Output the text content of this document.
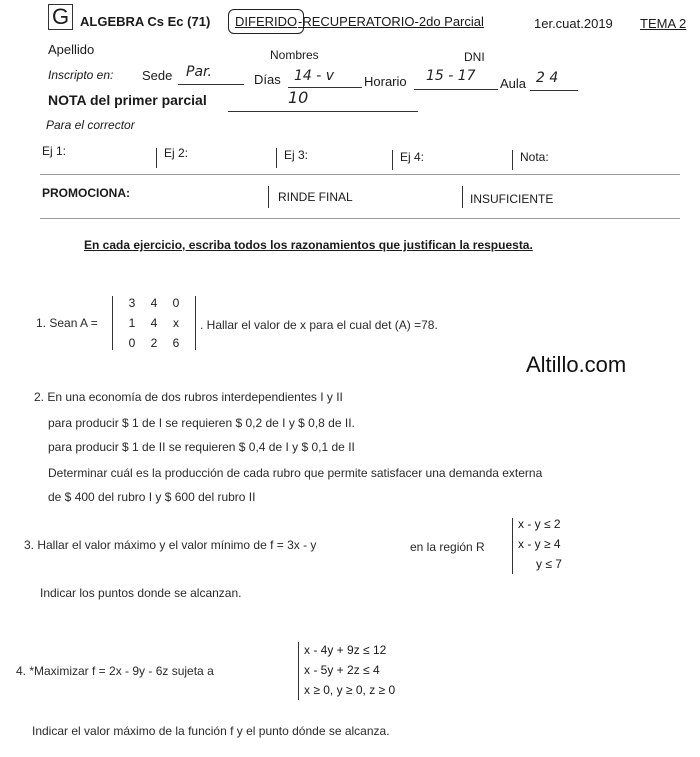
G ALGEBRA Cs Ec (71)	DIFERIDO -RECUPERATORIO-2do Parcial	1er.cuat.2019 TEMA 2
Apellido	Nombres	DNI
Inscripto en: Sede Par.	Días 14 - v Horario 15 - 17 Aula 2 4
NOTA del primer parcial	10
Para el corrector
Ej 1:	Ej 2:	Ej 3:	Ej 4:	Nota:
PROMOCIONA:	RINDE FINAL	INSUFICIENTE
En cada ejercicio, escriba todos los razonamientos que justifican la respuesta.
1. Sean A =
3	4	0
1	4	x
0	2	6
. Hallar el valor de x para el cual det (A) =78.
Altillo.com
2. En una economía de dos rubros interdependientes I y II
para producir $ 1 de I se requieren $ 0,2 de I y $ 0,8 de II.
para producir $ 1 de II se requieren $ 0,4 de I y $ 0,1 de II
Determinar cuál es la producción de cada rubro que permite satisfacer una demanda externa
de $ 400 del rubro I y $ 600 del rubro II
3. Hallar el valor máximo y el valor mínimo de f = 3x - y	en la región R
x - y ≤ 2
x - y ≥ 4
y ≤ 7
Indicar los puntos donde se alcanzan.
4. *Maximizar f = 2x - 9y - 6z sujeta a
x - 4y + 9z ≤ 12
x - 5y + 2z ≤ 4
x ≥ 0, y ≥ 0, z ≥ 0
Indicar el valor máximo de la función f y el punto dónde se alcanza.
